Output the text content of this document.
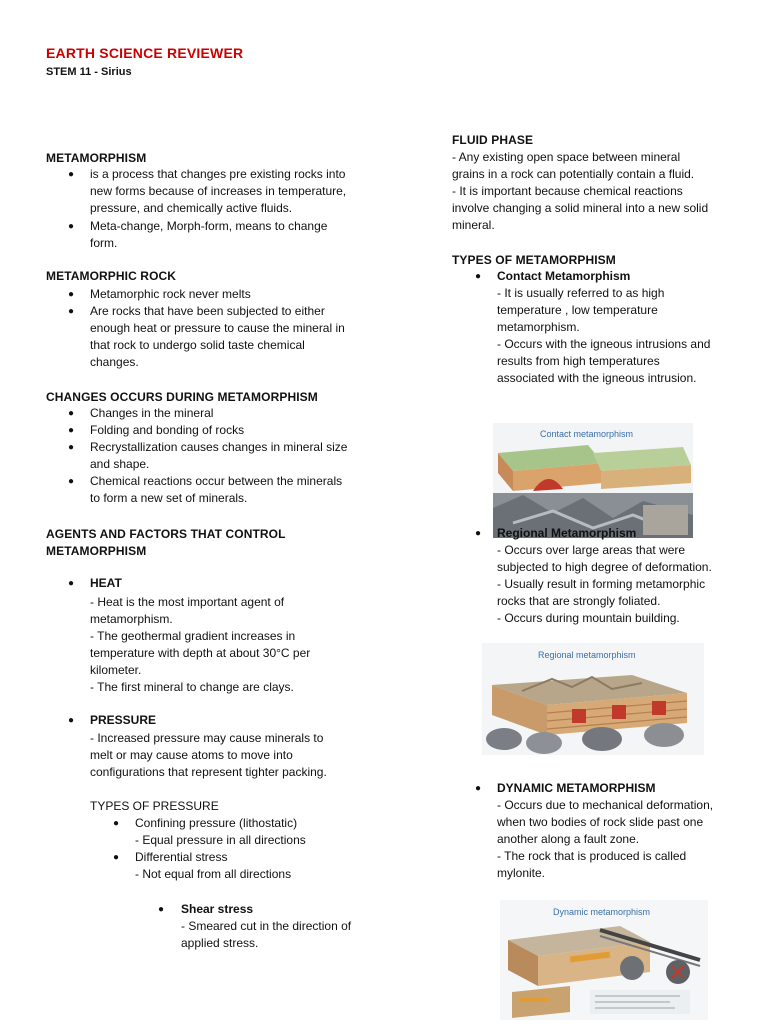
EARTH SCIENCE REVIEWER
STEM 11 - Sirius
METAMORPHISM
● is a process that changes pre existing rocks into
new forms because of increases in temperature,
pressure, and chemically active fluids.
● Meta-change, Morph-form, means to change
form.
METAMORPHIC ROCK
● Metamorphic rock never melts
● Are rocks that have been subjected to either
enough heat or pressure to cause the mineral in
that rock to undergo solid taste chemical
changes.
CHANGES OCCURS DURING METAMORPHISM
● Changes in the mineral
● Folding and bonding of rocks
● Recrystallization causes changes in mineral size
and shape.
● Chemical reactions occur between the minerals
to form a new set of minerals.
AGENTS AND FACTORS THAT CONTROL
METAMORPHISM
● HEAT
- Heat is the most important agent of
metamorphism.
- The geothermal gradient increases in
temperature with depth at about 30°C per
kilometer.
- The first mineral to change are clays.
● PRESSURE
- Increased pressure may cause minerals to
melt or may cause atoms to move into
configurations that represent tighter packing.
TYPES OF PRESSURE
● Confining pressure (lithostatic)
- Equal pressure in all directions
● Differential stress
- Not equal from all directions
● Shear stress
- Smeared cut in the direction of
applied stress.
FLUID PHASE
- Any existing open space between mineral
grains in a rock can potentially contain a fluid.
- It is important because chemical reactions
involve changing a solid mineral into a new solid
mineral.
TYPES OF METAMORPHISM
● Contact Metamorphism
- It is usually referred to as high
temperature , low temperature
metamorphism.
- Occurs with the igneous intrusions and
results from high temperatures
associated with the igneous intrusion.
Contact metamorphism
● Regional Metamorphism
- Occurs over large areas that were
subjected to high degree of deformation.
- Usually result in forming metamorphic
rocks that are strongly foliated.
- Occurs during mountain building.
Regional metamorphism
● DYNAMIC METAMORPHISM
- Occurs due to mechanical deformation,
when two bodies of rock slide past one
another along a fault zone.
- The rock that is produced is called
mylonite.
Dynamic metamorphism
